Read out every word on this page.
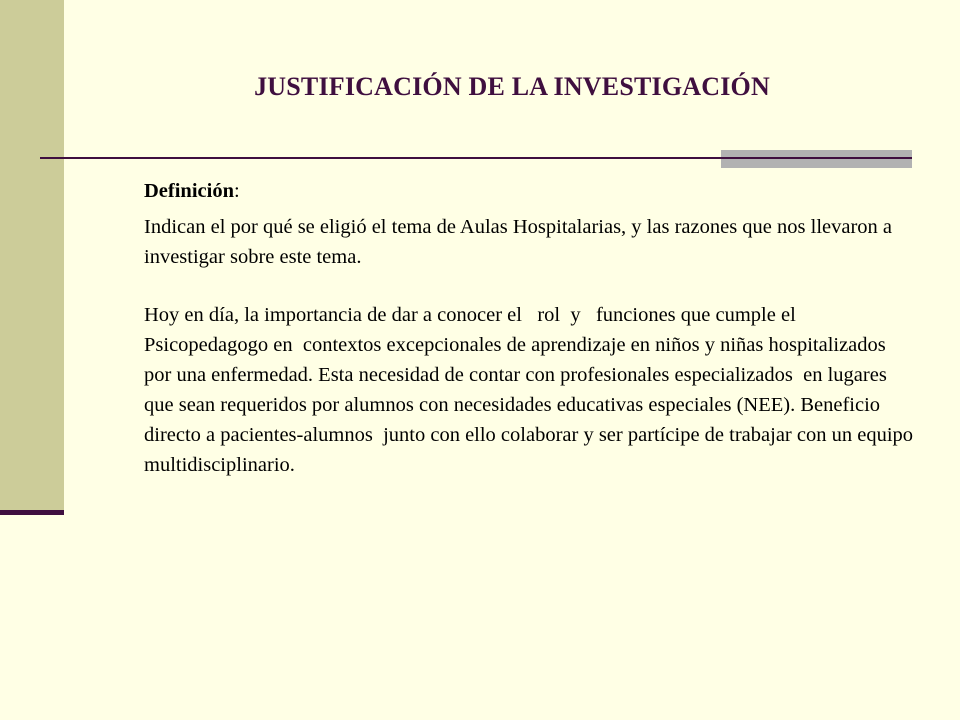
JUSTIFICACIÓN DE LA INVESTIGACIÓN

Definición:

Indican el por qué se eligió el tema de Aulas Hospitalarias, y las razones que nos llevaron a investigar sobre este tema.

Hoy en día, la importancia de dar a conocer el   rol  y   funciones que cumple el Psicopedagogo en  contextos excepcionales de aprendizaje en niños y niñas hospitalizados por una enfermedad. Esta necesidad de contar con profesionales especializados  en lugares que sean requeridos por alumnos con necesidades educativas especiales (NEE). Beneficio directo a pacientes-alumnos  junto con ello colaborar y ser partícipe de trabajar con un equipo multidisciplinario.
